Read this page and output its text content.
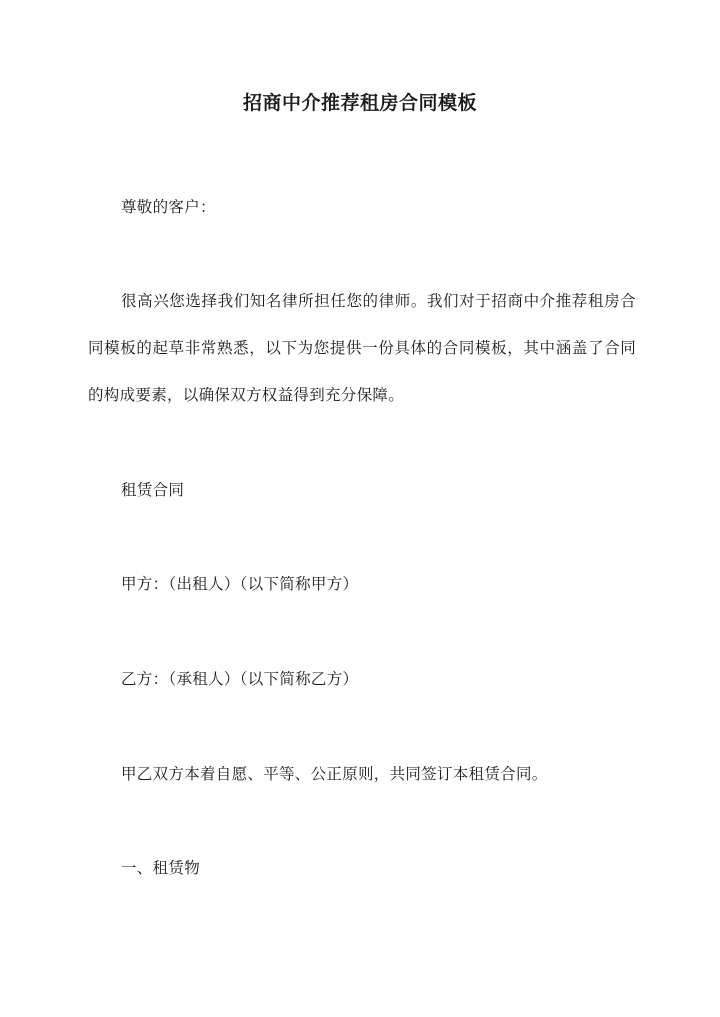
招商中介推荐租房合同模板
尊敬的客户：
很高兴您选择我们知名律所担任您的律师。我们对于招商中介推荐租房合同模板的起草非常熟悉，以下为您提供一份具体的合同模板，其中涵盖了合同的构成要素，以确保双方权益得到充分保障。
租赁合同
甲方：（出租人）（以下简称甲方）
乙方：（承租人）（以下简称乙方）
甲乙双方本着自愿、平等、公正原则，共同签订本租赁合同。
一、租赁物
